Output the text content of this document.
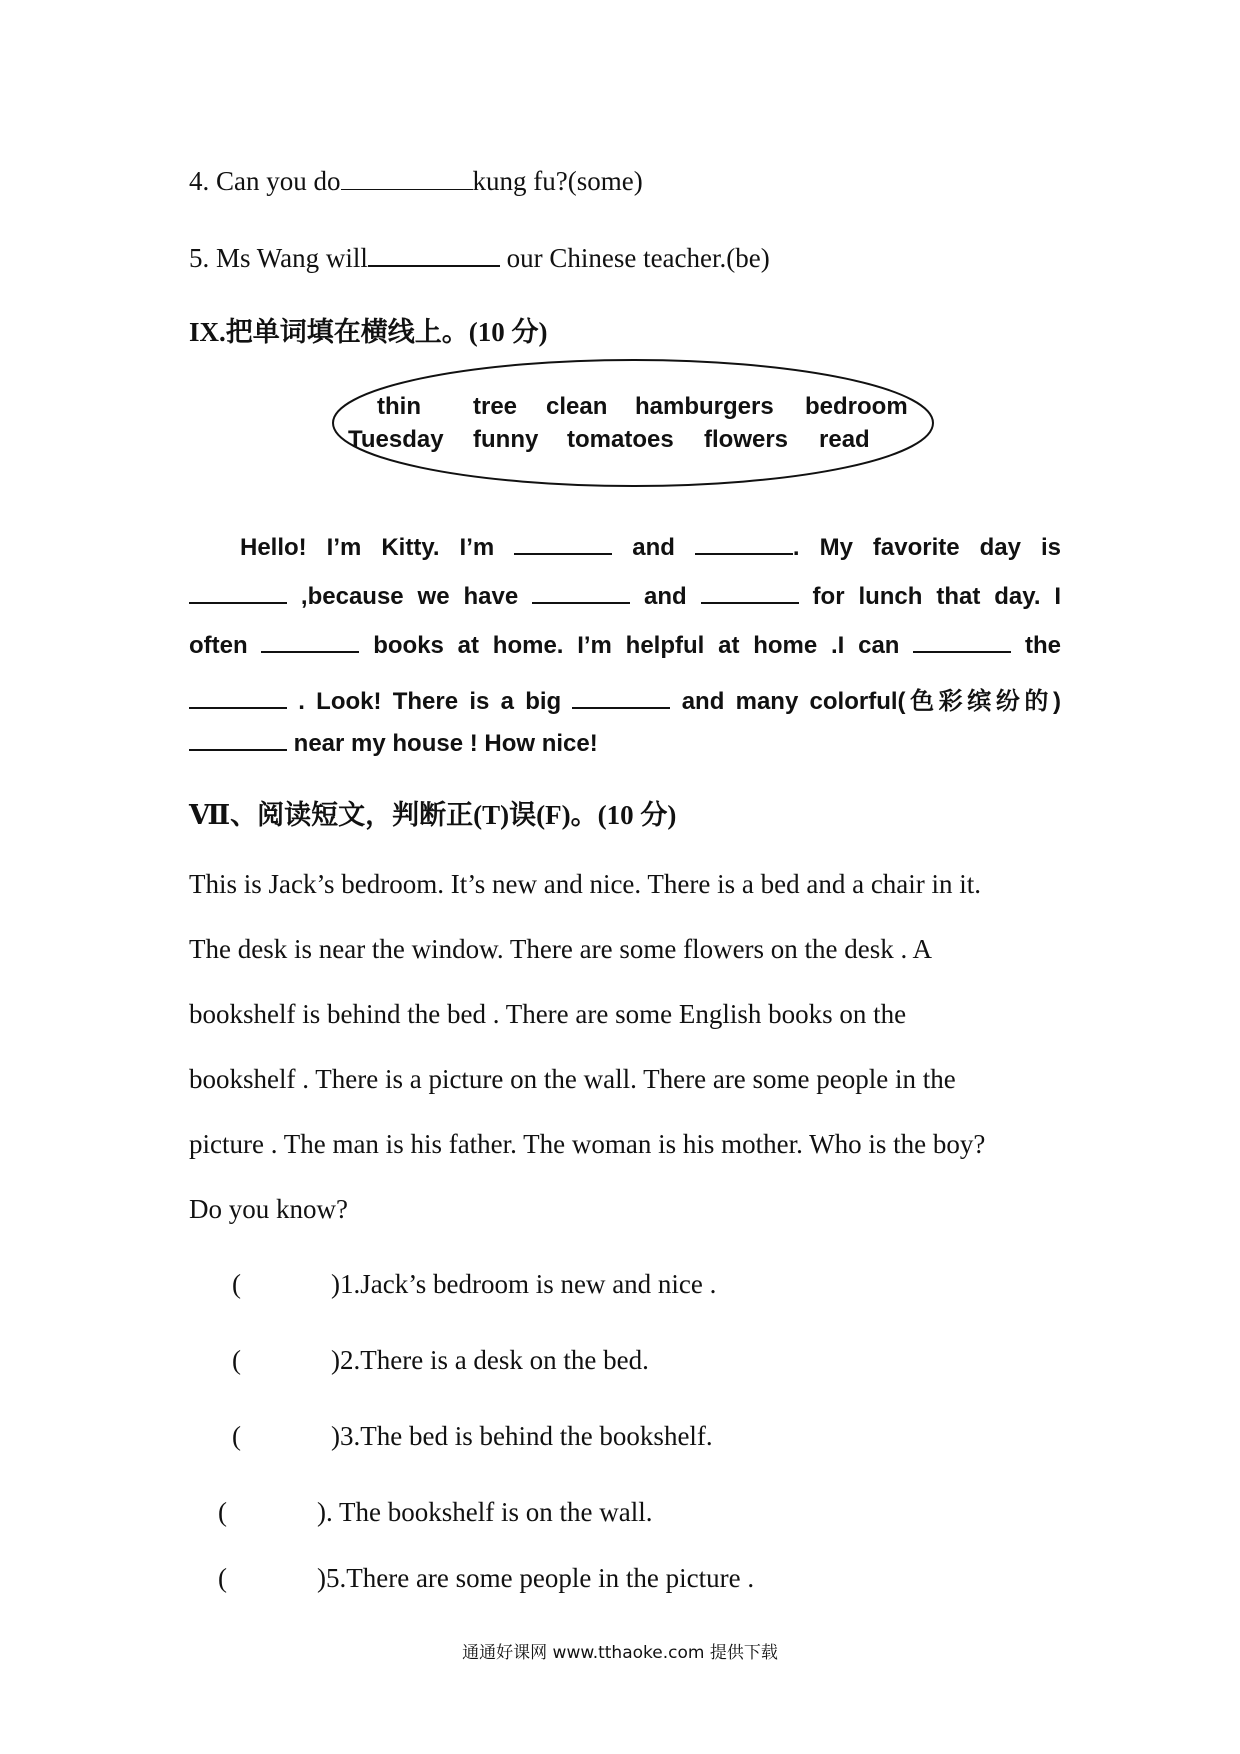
4. Can you do	kung fu?(some)
5. Ms Wang will	our Chinese teacher.(be)
IX.把单词填在横线上。(10 分)
thin tree clean hamburgers bedroom
Tuesday funny tomatoes flowers read
Hello! I’m Kitty. I’m	and	. My favorite day is
,because we have	and	for lunch that day. I
often	books at home. I’m helpful at home .I can	the
. Look! There is a big	and many colorful(色彩缤纷的)
near my house ! How nice!
Ⅶ、阅读短文，判断正(T)误(F)。(10 分)
This is Jack’s bedroom. It’s new and nice. There is a bed and a chair in it.
The desk is near the window. There are some flowers on the desk . A
bookshelf is behind the bed . There are some English books on the
bookshelf . There is a picture on the wall. There are some people in the
picture . The man is his father. The woman is his mother. Who is the boy?
Do you know?
(	)1.Jack’s bedroom is new and nice .
(	)2.There is a desk on the bed.
(	)3.The bed is behind the bookshelf.
(	). The bookshelf is on the wall.
(	)5.There are some people in the picture .
通通好课网 www.tthaoke.com 提供下载
